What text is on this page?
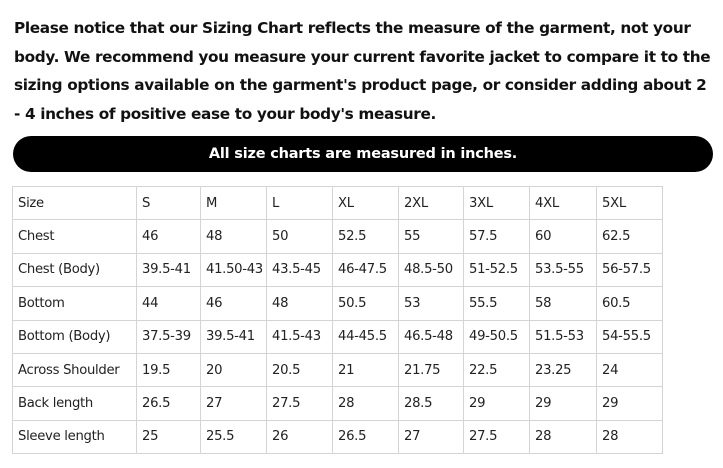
Please notice that our Sizing Chart reflects the measure of the garment, not your body. We recommend you measure your current favorite jacket to compare it to the sizing options available on the garment's product page, or consider adding about 2 - 4 inches of positive ease to your body's measure.

All size charts are measured in inches.
Size	S	M	L	XL	2XL	3XL	4XL	5XL
Chest	46	48	50	52.5	55	57.5	60	62.5
Chest (Body)	39.5-41	41.50-43	43.5-45	46-47.5	48.5-50	51-52.5	53.5-55	56-57.5
Bottom	44	46	48	50.5	53	55.5	58	60.5
Bottom (Body)	37.5-39	39.5-41	41.5-43	44-45.5	46.5-48	49-50.5	51.5-53	54-55.5
Across Shoulder	19.5	20	20.5	21	21.75	22.5	23.25	24
Back length	26.5	27	27.5	28	28.5	29	29	29
Sleeve length	25	25.5	26	26.5	27	27.5	28	28
